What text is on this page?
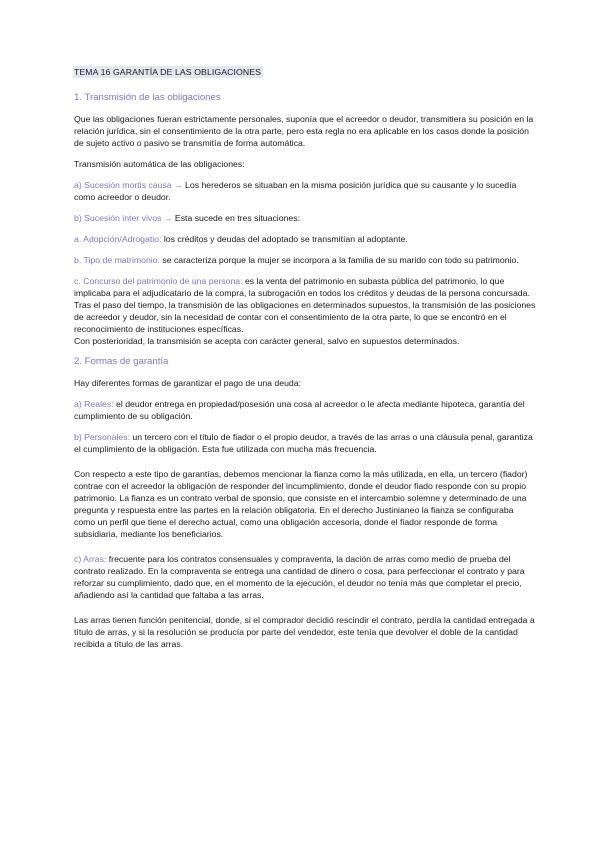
TEMA 16 GARANTÍA DE LAS OBLIGACIONES
1. Transmisión de las obligaciones

Que las obligaciones fueran estrictamente personales, suponía que el acreedor o deudor, transmitiera su posición en la relación jurídica, sin el consentimiento de la otra parte, pero esta regla no era aplicable en los casos donde la posición de sujeto activo o pasivo se transmitía de forma automática.

Transmisión automática de las obligaciones:

a) Sucesión mortis causa → Los herederos se situaban en la misma posición jurídica que su causante y lo sucedía como acreedor o deudor.

b) Sucesión inter vivos → Esta sucede en tres situaciones:

a. Adopción/Adrogatio: los créditos y deudas del adoptado se transmitían al adoptante.

b. Tipo de matrimonio: se caracteriza porque la mujer se incorpora a la familia de su marido con todo su patrimonio.

c. Concurso del patrimonio de una persona: es la venta del patrimonio en subasta pública del patrimonio, lo que implicaba para el adjudicatario de la compra, la subrogación en todos los créditos y deudas de la persona concursada. Tras el paso del tiempo, la transmisión de las obligaciones en determinados supuestos, la transmisión de las posiciones de acreedor y deudor, sin la necesidad de contar con el consentimiento de la otra parte, lo que se encontró en el reconocimiento de instituciones específicas.
Con posterioridad, la transmisión se acepta con carácter general, salvo en supuestos determinados.

2. Formas de garantía

Hay diferentes formas de garantizar el pago de una deuda:

a) Reales: el deudor entrega en propiedad/posesión una cosa al acreedor o le afecta mediante hipoteca, garantía del cumplimiento de su obligación.

b) Personales: un tercero con el título de fiador o el propio deudor, a través de las arras o una cláusula penal, garantiza el cumplimiento de la obligación. Esta fue utilizada con mucha más frecuencia.

Con respecto a este tipo de garantías, debemos mencionar la fianza como la más utilizada, en ella, un tercero (fiador) contrae con el acreedor la obligación de responder del incumplimiento, donde el deudor fiado responde con su propio patrimonio. La fianza es un contrato verbal de sponsio, que consiste en el intercambio solemne y determinado de una pregunta y respuesta entre las partes en la relación obligatoria. En el derecho Justinianeo la fianza se configuraba como un perfil que tiene el derecho actual, como una obligación accesoria, donde el fiador responde de forma subsidiaria, mediante los beneficiarios.

c) Arras: frecuente para los contratos consensuales y compraventa, la dación de arras como medio de prueba del contrato realizado. En la compraventa se entrega una cantidad de dinero o cosa, para perfeccionar el contrato y para reforzar su cumplimiento, dado que, en el momento de la ejecución, el deudor no tenía más que completar el precio, añadiendo así la cantidad que faltaba a las arras.

Las arras tienen función penitencial, donde, si el comprador decidió rescindir el contrato, perdía la cantidad entregada a título de arras, y si la resolución se producía por parte del vendedor, este tenía que devolver el doble de la cantidad recibida a título de las arras.
